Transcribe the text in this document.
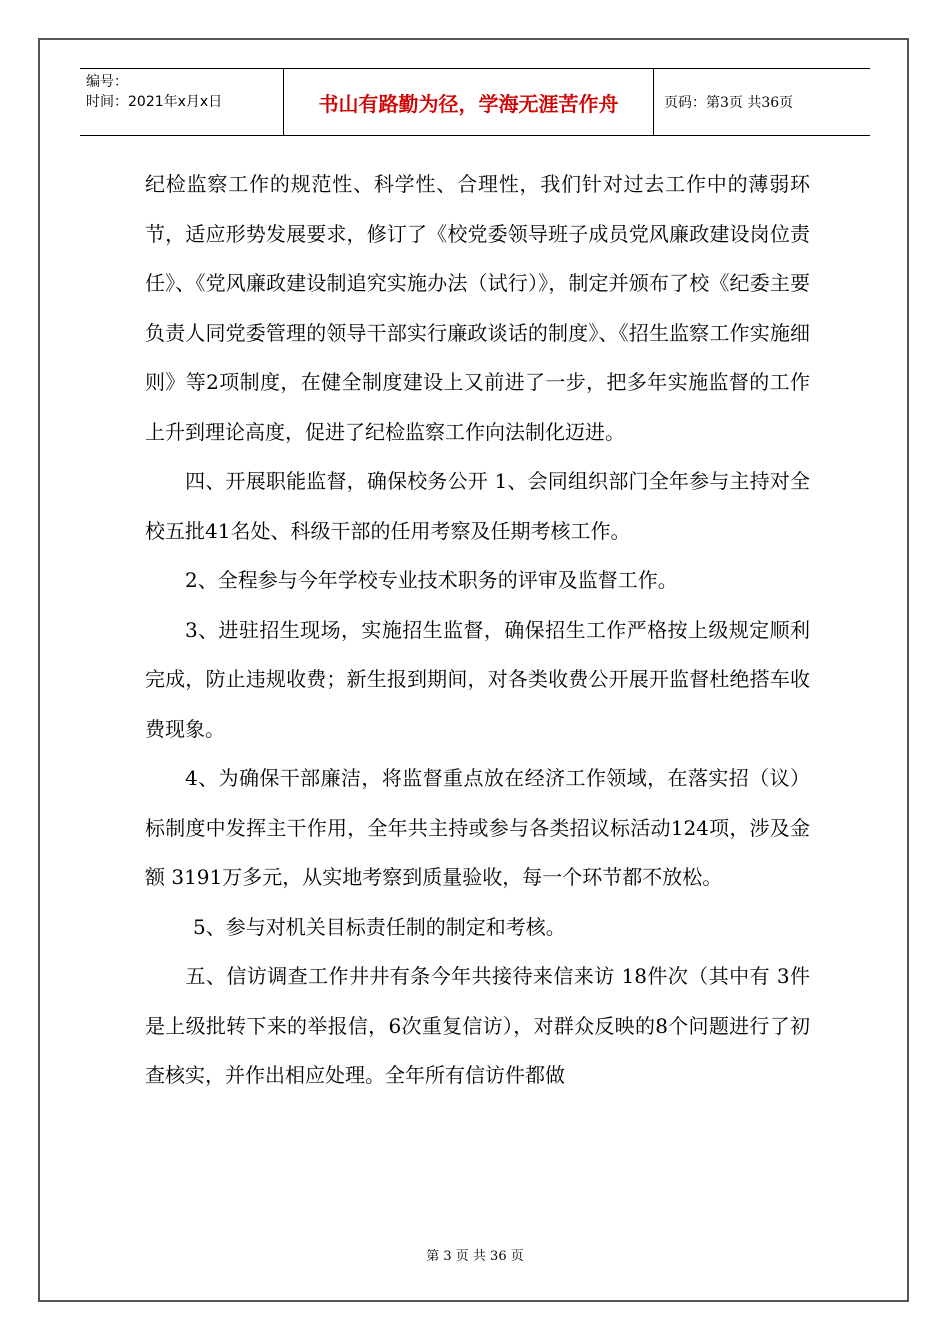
编号：
时间：2021年x月x日	书山有路勤为径，学海无涯苦作舟	页码：第3页 共36页

纪检监察工作的规范性、科学性、合理性，我们针对过去工作中的薄弱环节，适应形势发展要求，修订了《校党委领导班子成员党风廉政建设岗位责任》、《党风廉政建设制追究实施办法（试行）》，制定并颁布了校《纪委主要负责人同党委管理的领导干部实行廉政谈话的制度》、《招生监察工作实施细则》等2项制度，在健全制度建设上又前进了一步，把多年实施监督的工作上升到理论高度，促进了纪检监察工作向法制化迈进。

四、开展职能监督，确保校务公开 1、会同组织部门全年参与主持对全校五批41名处、科级干部的任用考察及任期考核工作。

2、全程参与今年学校专业技术职务的评审及监督工作。

3、进驻招生现场，实施招生监督，确保招生工作严格按上级规定顺利完成，防止违规收费；新生报到期间，对各类收费公开展开监督杜绝搭车收费现象。

4、为确保干部廉洁，将监督重点放在经济工作领域，在落实招（议）标制度中发挥主干作用，全年共主持或参与各类招议标活动124项，涉及金额 3191万多元，从实地考察到质量验收，每一个环节都不放松。

5、参与对机关目标责任制的制定和考核。

五、信访调查工作井井有条今年共接待来信来访 18件次（其中有 3件是上级批转下来的举报信，6次重复信访），对群众反映的8个问题进行了初查核实，并作出相应处理。全年所有信访件都做

第 3 页 共 36 页
